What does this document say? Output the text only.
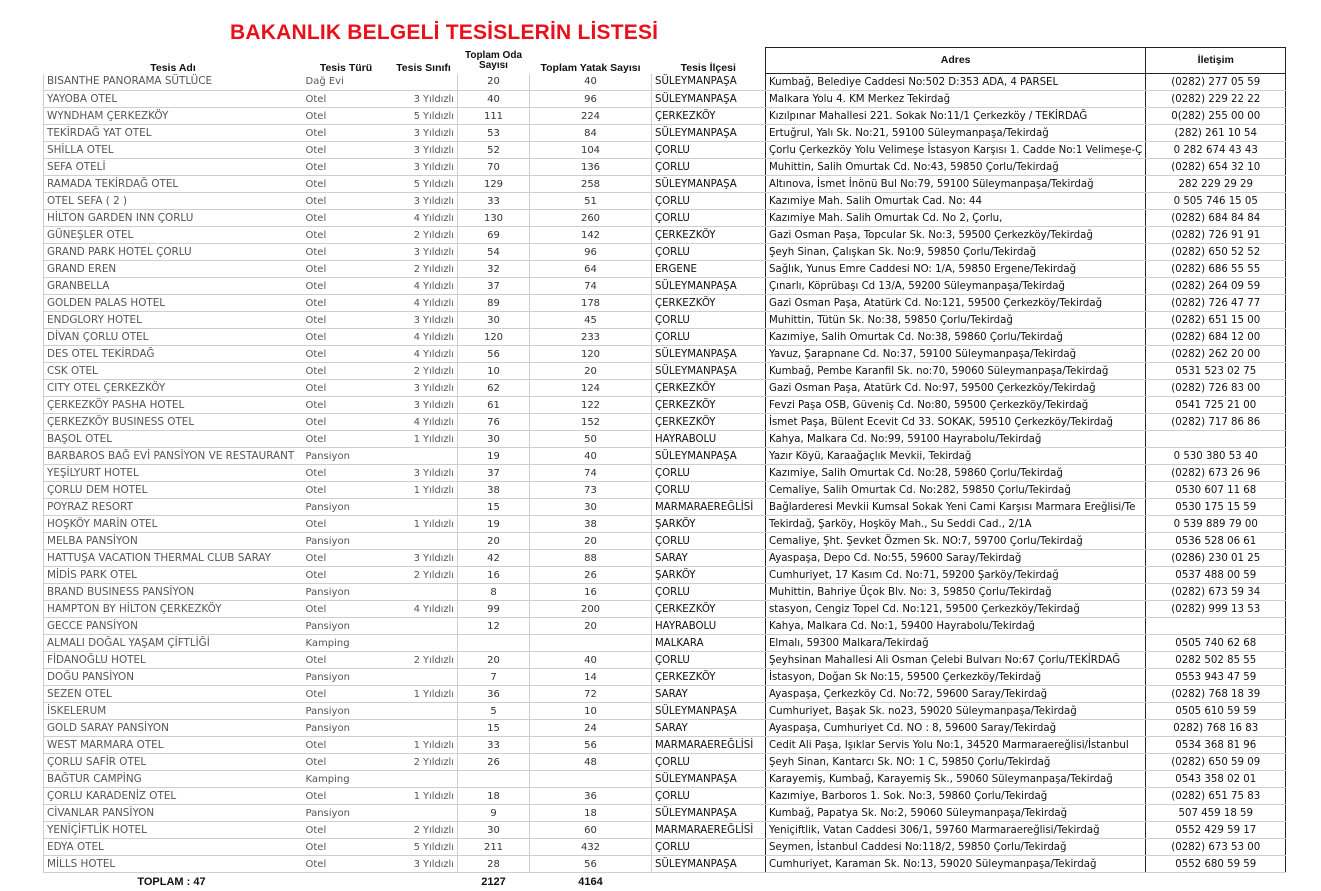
BAKANLIK BELGELİ TESİSLERİN LİSTESİ
Tesis Adı	Tesis Türü	Tesis Sınıfı	Toplam Oda Sayısı	Toplam Yatak Sayısı	Tesis İlçesi	Adres	İletişim
BISANTHE PANORAMA SÜTLÜCE	Dağ Evi		20	40	SÜLEYMANPAŞA	Kumbağ, Belediye Caddesi No:502 D:353 ADA, 4 PARSEL	(0282) 277 05 59
YAYOBA OTEL	Otel	3 Yıldızlı	40	96	SÜLEYMANPAŞA	Malkara Yolu 4. KM Merkez Tekirdağ	(0282) 229 22 22
WYNDHAM ÇERKEZKÖY	Otel	5 Yıldızlı	111	224	ÇERKEZKÖY	Kızılpınar Mahallesi 221. Sokak No:11/1 Çerkezköy / TEKİRDAĞ	0(282) 255 00 00
TEKİRDAĞ YAT OTEL	Otel	3 Yıldızlı	53	84	SÜLEYMANPAŞA	Ertuğrul, Yalı Sk. No:21, 59100 Süleymanpaşa/Tekirdağ	(282) 261 10 54
SHİLLA OTEL	Otel	3 Yıldızlı	52	104	ÇORLU	Çorlu Çerkezköy Yolu Velimeşe İstasyon Karşısı 1. Cadde No:1 Velimeşe-Ç	0 282 674 43 43
SEFA OTELİ	Otel	3 Yıldızlı	70	136	ÇORLU	Muhittin, Salih Omurtak Cd. No:43, 59850 Çorlu/Tekirdağ	(0282) 654 32 10
RAMADA TEKİRDAĞ OTEL	Otel	5 Yıldızlı	129	258	SÜLEYMANPAŞA	Altınova, İsmet İnönü Bul No:79, 59100 Süleymanpaşa/Tekirdağ	282 229 29 29
OTEL SEFA ( 2 )	Otel	3 Yıldızlı	33	51	ÇORLU	Kazımiye Mah. Salih Omurtak Cad. No: 44	0 505 746 15 05
HİLTON GARDEN INN ÇORLU	Otel	4 Yıldızlı	130	260	ÇORLU	Kazımiye Mah. Salih Omurtak Cd. No 2, Çorlu,	(0282) 684 84 84
GÜNEŞLER OTEL	Otel	2 Yıldızlı	69	142	ÇERKEZKÖY	Gazi Osman Paşa, Topcular Sk. No:3, 59500 Çerkezköy/Tekirdağ	(0282) 726 91 91
GRAND PARK HOTEL ÇORLU	Otel	3 Yıldızlı	54	96	ÇORLU	Şeyh Sinan, Çalışkan Sk. No:9, 59850 Çorlu/Tekirdağ	(0282) 650 52 52
GRAND EREN	Otel	2 Yıldızlı	32	64	ERGENE	Sağlık, Yunus Emre Caddesi NO: 1/A, 59850 Ergene/Tekirdağ	(0282) 686 55 55
GRANBELLA	Otel	4 Yıldızlı	37	74	SÜLEYMANPAŞA	Çınarlı, Köprübaşı Cd 13/A, 59200 Süleymanpaşa/Tekirdağ	(0282) 264 09 59
GOLDEN PALAS HOTEL	Otel	4 Yıldızlı	89	178	ÇERKEZKÖY	Gazi Osman Paşa, Atatürk Cd. No:121, 59500 Çerkezköy/Tekirdağ	(0282) 726 47 77
ENDGLORY HOTEL	Otel	3 Yıldızlı	30	45	ÇORLU	Muhittin, Tütün Sk. No:38, 59850 Çorlu/Tekirdağ	(0282) 651 15 00
DİVAN ÇORLU OTEL	Otel	4 Yıldızlı	120	233	ÇORLU	Kazımiye, Salih Omurtak Cd. No:38, 59860 Çorlu/Tekirdağ	(0282) 684 12 00
DES OTEL TEKİRDAĞ	Otel	4 Yıldızlı	56	120	SÜLEYMANPAŞA	Yavuz, Şarapnane Cd. No:37, 59100 Süleymanpaşa/Tekirdağ	(0282) 262 20 00
CSK OTEL	Otel	2 Yıldızlı	10	20	SÜLEYMANPAŞA	Kumbağ, Pembe Karanfil Sk. no:70, 59060 Süleymanpaşa/Tekirdağ	0531 523 02 75
CITY OTEL ÇERKEZKÖY	Otel	3 Yıldızlı	62	124	ÇERKEZKÖY	Gazi Osman Paşa, Atatürk Cd. No:97, 59500 Çerkezköy/Tekirdağ	(0282) 726 83 00
ÇERKEZKÖY PASHA HOTEL	Otel	3 Yıldızlı	61	122	ÇERKEZKÖY	Fevzi Paşa OSB, Güveniş Cd. No:80, 59500 Çerkezköy/Tekirdağ	0541 725 21 00
ÇERKEZKÖY BUSINESS OTEL	Otel	4 Yıldızlı	76	152	ÇERKEZKÖY	İsmet Paşa, Bülent Ecevit Cd 33. SOKAK, 59510 Çerkezköy/Tekirdağ	(0282) 717 86 86
BAŞOL OTEL	Otel	1 Yıldızlı	30	50	HAYRABOLU	Kahya, Malkara Cd. No:99, 59100 Hayrabolu/Tekirdağ	
BARBAROS BAĞ EVİ PANSİYON VE RESTAURANT	Pansiyon		19	40	SÜLEYMANPAŞA	Yazır Köyü, Karaağaçlık Mevkii, Tekirdağ	0 530 380 53 40
YEŞİLYURT HOTEL	Otel	3 Yıldızlı	37	74	ÇORLU	Kazımiye, Salih Omurtak Cd. No:28, 59860 Çorlu/Tekirdağ	(0282) 673 26 96
ÇORLU DEM HOTEL	Otel	1 Yıldızlı	38	73	ÇORLU	Cemaliye, Salih Omurtak Cd. No:282, 59850 Çorlu/Tekirdağ	0530 607 11 68
POYRAZ RESORT	Pansiyon		15	30	MARMARAEREĞLİSİ	Bağlarderesi Mevkii Kumsal Sokak Yeni Cami Karşısı Marmara Ereğlisi/Te	0530 175 15 59
HOŞKÖY MARİN OTEL	Otel	1 Yıldızlı	19	38	ŞARKÖY	Tekirdağ, Şarköy, Hoşköy Mah., Su Seddi Cad., 2/1A	0 539 889 79 00
MELBA PANSİYON	Pansiyon		20	20	ÇORLU	Cemaliye, Şht. Şevket Özmen Sk. NO:7, 59700 Çorlu/Tekirdağ	0536 528 06 61
HATTUŞA VACATION THERMAL CLUB SARAY	Otel	3 Yıldızlı	42	88	SARAY	Ayaspaşa, Depo Cd. No:55, 59600 Saray/Tekirdağ	(0286) 230 01 25
MİDİS PARK OTEL	Otel	2 Yıldızlı	16	26	ŞARKÖY	Cumhuriyet, 17 Kasım Cd. No:71, 59200 Şarköy/Tekirdağ	0537 488 00 59
BRAND BUSINESS PANSİYON	Pansiyon		8	16	ÇORLU	Muhittin, Bahriye Üçok Blv. No: 3, 59850 Çorlu/Tekirdağ	(0282) 673 59 34
HAMPTON BY HİLTON ÇERKEZKÖY	Otel	4 Yıldızlı	99	200	ÇERKEZKÖY	stasyon, Cengiz Topel Cd. No:121, 59500 Çerkezköy/Tekirdağ	(0282) 999 13 53
GECCE PANSİYON	Pansiyon		12	20	HAYRABOLU	Kahya, Malkara Cd. No:1, 59400 Hayrabolu/Tekirdağ	
ALMALI DOĞAL YAŞAM ÇİFTLİĞİ	Kamping				MALKARA	Elmalı, 59300 Malkara/Tekirdağ	0505 740 62 68
FİDANOĞLU HOTEL	Otel	2 Yıldızlı	20	40	ÇORLU	Şeyhsinan Mahallesi Ali Osman Çelebi Bulvarı No:67 Çorlu/TEKİRDAĞ	0282 502 85 55
DOĞU PANSİYON	Pansiyon		7	14	ÇERKEZKÖY	İstasyon, Doğan Sk No:15, 59500 Çerkezköy/Tekirdağ	0553 943 47 59
SEZEN OTEL	Otel	1 Yıldızlı	36	72	SARAY	Ayaspaşa, Çerkezköy Cd. No:72, 59600 Saray/Tekirdağ	(0282) 768 18 39
İSKELERUM	Pansiyon		5	10	SÜLEYMANPAŞA	Cumhuriyet, Başak Sk. no23, 59020 Süleymanpaşa/Tekirdağ	0505 610 59 59
GOLD SARAY PANSİYON	Pansiyon		15	24	SARAY	Ayaspaşa, Cumhuriyet Cd. NO : 8, 59600 Saray/Tekirdağ	0282) 768 16 83
WEST MARMARA OTEL	Otel	1 Yıldızlı	33	56	MARMARAEREĞLİSİ	Cedit Ali Paşa, Işıklar Servis Yolu No:1, 34520 Marmaraereğlisi/İstanbul	0534 368 81 96
ÇORLU SAFİR OTEL	Otel	2 Yıldızlı	26	48	ÇORLU	Şeyh Sinan, Kantarcı Sk. NO: 1 C, 59850 Çorlu/Tekirdağ	(0282) 650 59 09
BAĞTUR CAMPİNG	Kamping				SÜLEYMANPAŞA	Karayemiş, Kumbağ, Karayemiş Sk., 59060 Süleymanpaşa/Tekirdağ	0543 358 02 01
ÇORLU KARADENİZ OTEL	Otel	1 Yıldızlı	18	36	ÇORLU	Kazımiye, Barboros 1. Sok. No:3, 59860 Çorlu/Tekirdağ	(0282) 651 75 83
CİVANLAR PANSİYON	Pansiyon		9	18	SÜLEYMANPAŞA	Kumbağ, Papatya Sk. No:2, 59060 Süleymanpaşa/Tekirdağ	507 459 18 59
YENİÇİFTLİK HOTEL	Otel	2 Yıldızlı	30	60	MARMARAEREĞLİSİ	Yeniçiftlik, Vatan Caddesi 306/1, 59760 Marmaraereğlisi/Tekirdağ	0552 429 59 17
EDYA OTEL	Otel	5 Yıldızlı	211	432	ÇORLU	Seymen, İstanbul Caddesi No:118/2, 59850 Çorlu/Tekirdağ	(0282) 673 53 00
MİLLS HOTEL	Otel	3 Yıldızlı	28	56	SÜLEYMANPAŞA	Cumhuriyet, Karaman Sk. No:13, 59020 Süleymanpaşa/Tekirdağ	0552 680 59 59
TOPLAM : 47			2127	4164			
